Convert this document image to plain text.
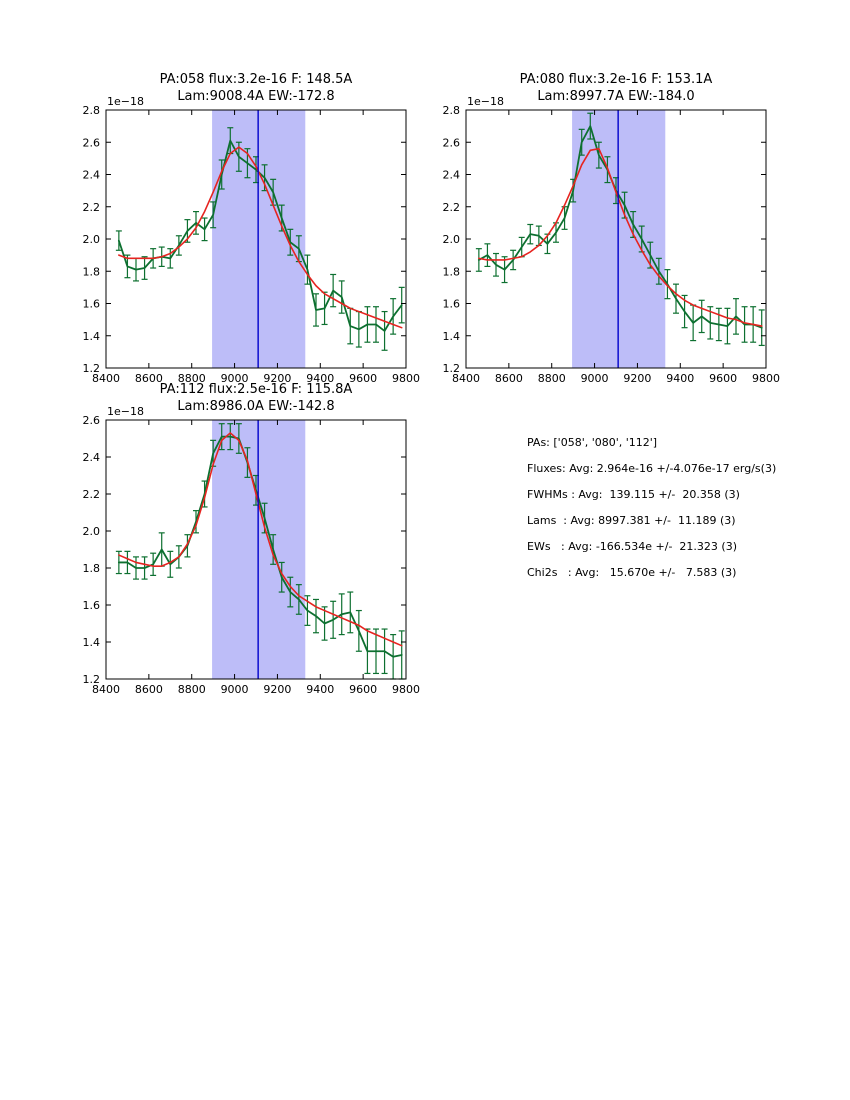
PA:058 flux:3.2e-16 F: 148.5A
Lam:9008.4A EW:-172.8
8400 8600 8800 9000 9200 9400 9600 9800
1.2
1.4
1.6
1.8
2.0
2.2
2.4
2.6
2.8
1e−18
PA:080 flux:3.2e-16 F: 153.1A
Lam:8997.7A EW:-184.0
8400 8600 8800 9000 9200 9400 9600 9800
1.2
1.4
1.6
1.8
2.0
2.2
2.4
2.6
2.8
1e−18
PA:112 flux:2.5e-16 F: 115.8A
Lam:8986.0A EW:-142.8
8400 8600 8800 9000 9200 9400 9600 9800
1.2
1.4
1.6
1.8
2.0
2.2
2.4
2.6
1e−18
PAs: ['058', '080', '112']
Fluxes: Avg: 2.964e-16 +/-4.076e-17 erg/s(3)
FWHMs : Avg:  139.115 +/-  20.358 (3)
Lams  : Avg: 8997.381 +/-  11.189 (3)
EWs   : Avg: -166.534e +/-  21.323 (3)
Chi2s   : Avg:   15.670e +/-   7.583 (3)
